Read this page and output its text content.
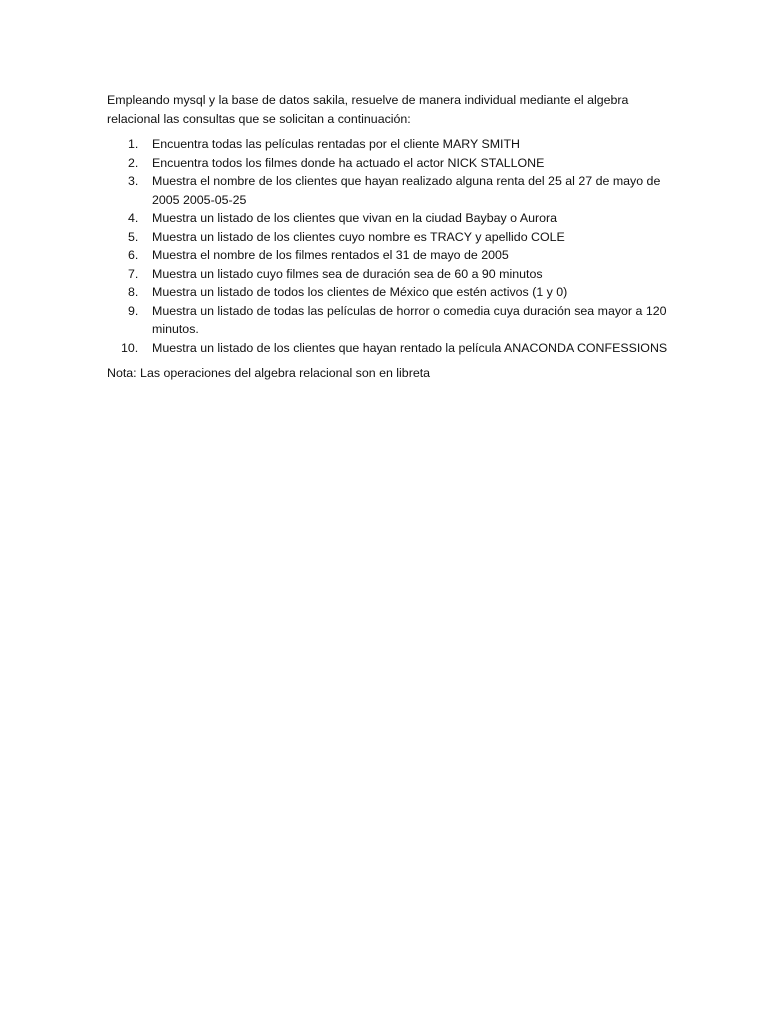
Empleando mysql y la base de datos sakila, resuelve de manera individual mediante el algebra relacional las consultas que se solicitan a continuación:

1.	Encuentra todas las películas rentadas por el cliente MARY SMITH
2.	Encuentra todos los filmes donde ha actuado el actor NICK STALLONE
3.	Muestra el nombre de los clientes que hayan realizado alguna renta del 25 al 27 de mayo de 2005 2005-05-25
4.	Muestra un listado de los clientes que vivan en la ciudad Baybay o Aurora
5.	Muestra un listado de los clientes cuyo nombre es TRACY y apellido COLE
6.	Muestra el nombre de los filmes rentados el 31 de mayo de 2005
7.	Muestra un listado cuyo filmes sea de duración sea de 60 a 90 minutos
8.	Muestra un listado de todos los clientes de México que estén activos (1 y 0)
9.	Muestra un listado de todas las películas de horror o comedia cuya duración sea mayor a 120 minutos.
10.	Muestra un listado de los clientes que hayan rentado la película ANACONDA CONFESSIONS

Nota: Las operaciones del algebra relacional son en libreta
